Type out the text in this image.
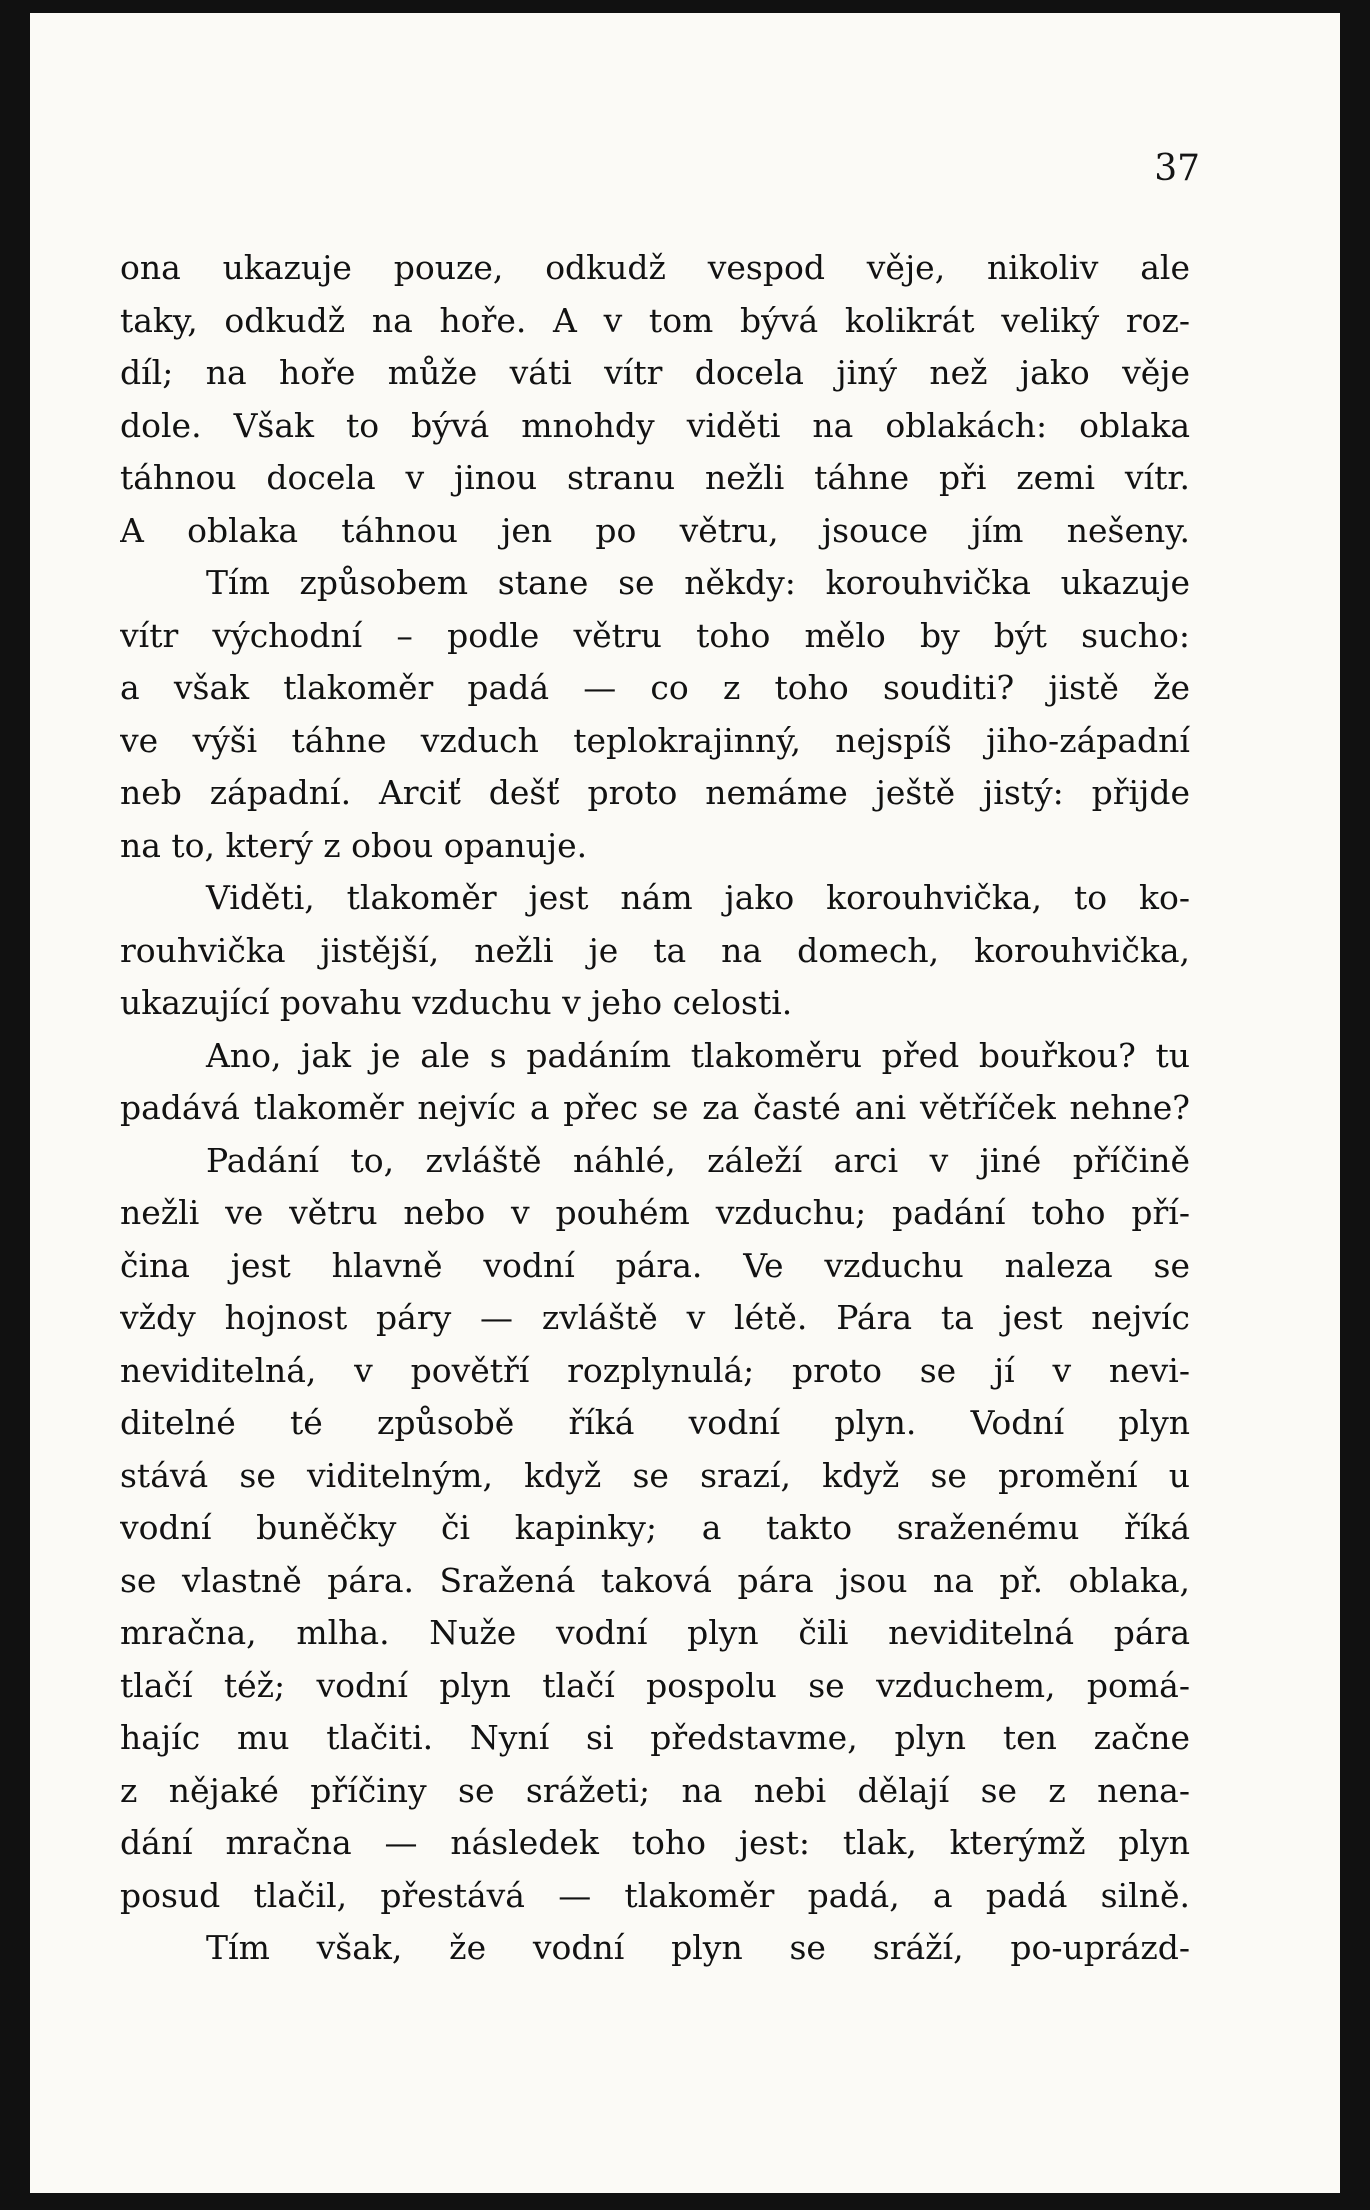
37
ona ukazuje pouze, odkudž vespod věje, nikoliv ale
taky, odkudž na hoře. A v tom bývá kolikrát veliký roz-
díl; na hoře může váti vítr docela jiný než jako věje
dole. Však to bývá mnohdy viděti na oblakách: oblaka
táhnou docela v jinou stranu nežli táhne při zemi vítr.
A oblaka táhnou jen po větru, jsouce jím nešeny.
Tím způsobem stane se někdy: korouhvička ukazuje
vítr východní – podle větru toho mělo by být sucho:
a však tlakoměr padá — co z toho souditi? jistě že
ve výši táhne vzduch teplokrajinný, nejspíš jiho-západní
neb západní. Arciť dešť proto nemáme ještě jistý: přijde
na to, který z obou opanuje.
Viděti, tlakoměr jest nám jako korouhvička, to ko-
rouhvička jistější, nežli je ta na domech, korouhvička,
ukazující povahu vzduchu v jeho celosti.
Ano, jak je ale s padáním tlakoměru před bouřkou? tu
padává tlakoměr nejvíc a přec se za časté ani větříček nehne?
Padání to, zvláště náhlé, záleží arci v jiné příčině
nežli ve větru nebo v pouhém vzduchu; padání toho pří-
čina jest hlavně vodní pára. Ve vzduchu naleza se
vždy hojnost páry — zvláště v létě. Pára ta jest nejvíc
neviditelná, v povětří rozplynulá; proto se jí v nevi-
ditelné té způsobě říká vodní plyn. Vodní plyn
stává se viditelným, když se srazí, když se promění u
vodní buněčky či kapinky; a takto sraženému říká
se vlastně pára. Sražená taková pára jsou na př. oblaka,
mračna, mlha. Nuže vodní plyn čili neviditelná pára
tlačí též; vodní plyn tlačí pospolu se vzduchem, pomá-
hajíc mu tlačiti. Nyní si představme, plyn ten začne
z nějaké příčiny se srážeti; na nebi dělají se z nena-
dání mračna — následek toho jest: tlak, kterýmž plyn
posud tlačil, přestává — tlakoměr padá, a padá silně.
Tím však, že vodní plyn se sráží, po-uprázd-
